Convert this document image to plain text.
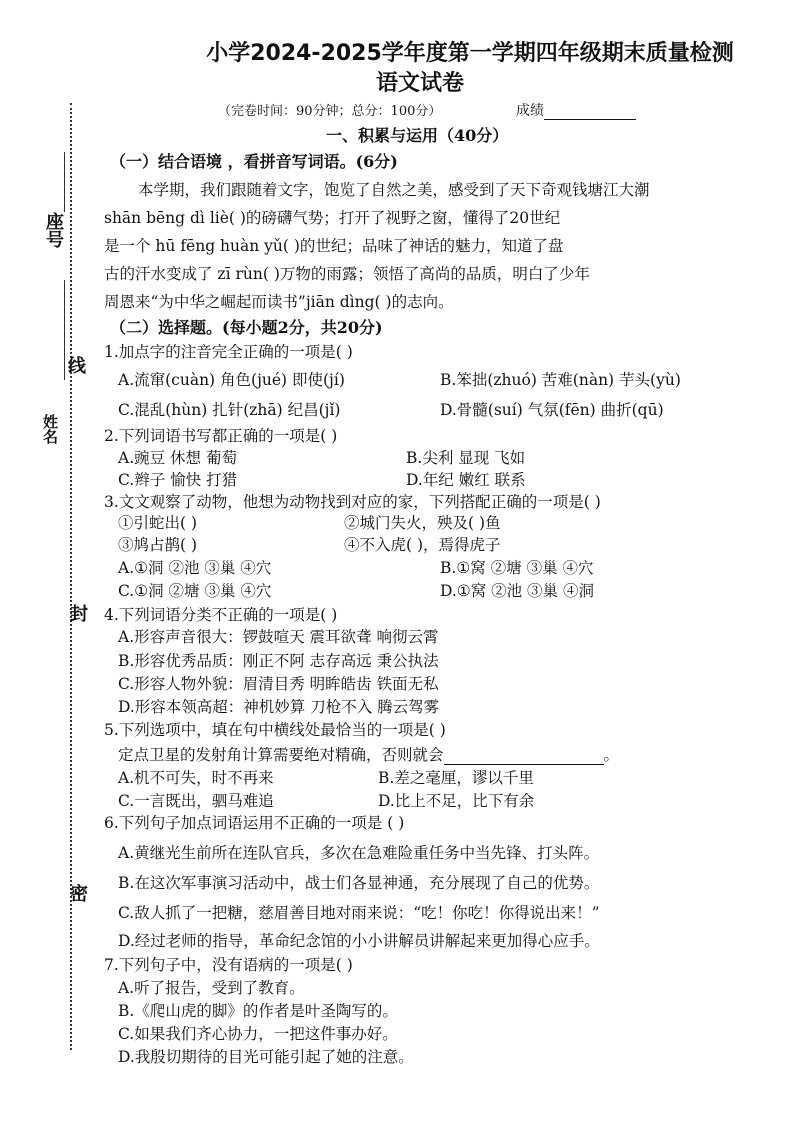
座号
线
姓名
封
密
小学2024-2025学年度第一学期四年级期末质量检测
语文试卷
（完卷时间：90分钟；总分：100分）	成绩
一、积累与运用（40分）
（一）结合语境 ，看拼音写词语。(6分)
本学期，我们跟随着文字，饱览了自然之美，感受到了天下奇观钱塘江大潮
shān bēng dì liè( )的磅礴气势；打开了视野之窗，懂得了20世纪
是一个 hū fēng huàn yǔ( )的世纪；品味了神话的魅力，知道了盘
古的汗水变成了 zī rùn( )万物的雨露；领悟了高尚的品质，明白了少年
周恩来“为中华之崛起而读书”jiān dìng( )的志向。
（二）选择题。(每小题2分，共20分)
1.加点字的注音完全正确的一项是( )
A.流窜(cuàn) 角色(jué) 即使(jí)	B.笨拙(zhuó) 苦难(nàn) 芋头(yù)
C.混乱(hùn) 扎针(zhā) 纪昌(jǐ)	D.骨髓(suí) 气氛(fēn) 曲折(qū)
2.下列词语书写都正确的一项是( )
A.豌豆 休想 葡萄	B.尖利 显现 飞如
C.辫子 愉快 打猎	D.年纪 嫩红 联系
3.文文观察了动物，他想为动物找到对应的家，下列搭配正确的一项是( )
①引蛇出( )	②城门失火，殃及( )鱼
③鸠占鹊( )	④不入虎( )，焉得虎子
A.①洞 ②池 ③巢 ④穴	B.①窝 ②塘 ③巢 ④穴
C.①洞 ②塘 ③巢 ④穴	D.①窝 ②池 ③巢 ④洞
4.下列词语分类不正确的一项是( )
A.形容声音很大：锣鼓喧天 震耳欲聋 响彻云霄
B.形容优秀品质：刚正不阿 志存高远 秉公执法
C.形容人物外貌：眉清目秀 明眸皓齿 铁面无私
D.形容本领高超：神机妙算 刀枪不入 腾云驾雾
5.下列选项中，填在句中横线处最恰当的一项是( )
定点卫星的发射角计算需要绝对精确，否则就会	。
A.机不可失，时不再来	B.差之毫厘，谬以千里
C.一言既出，驷马难追	D.比上不足，比下有余
6.下列句子加点词语运用不正确的一项是 ( )
A.黄继光生前所在连队官兵，多次在急难险重任务中当先锋、打头阵。
B.在这次军事演习活动中，战士们各显神通，充分展现了自己的优势。
C.敌人抓了一把糖，慈眉善目地对雨来说：“吃！你吃！你得说出来！”
D.经过老师的指导，革命纪念馆的小小讲解员讲解起来更加得心应手。
7.下列句子中，没有语病的一项是( )
A.听了报告，受到了教育。
B.《爬山虎的脚》的作者是叶圣陶写的。
C.如果我们齐心协力，一把这件事办好。
D.我殷切期待的目光可能引起了她的注意。
